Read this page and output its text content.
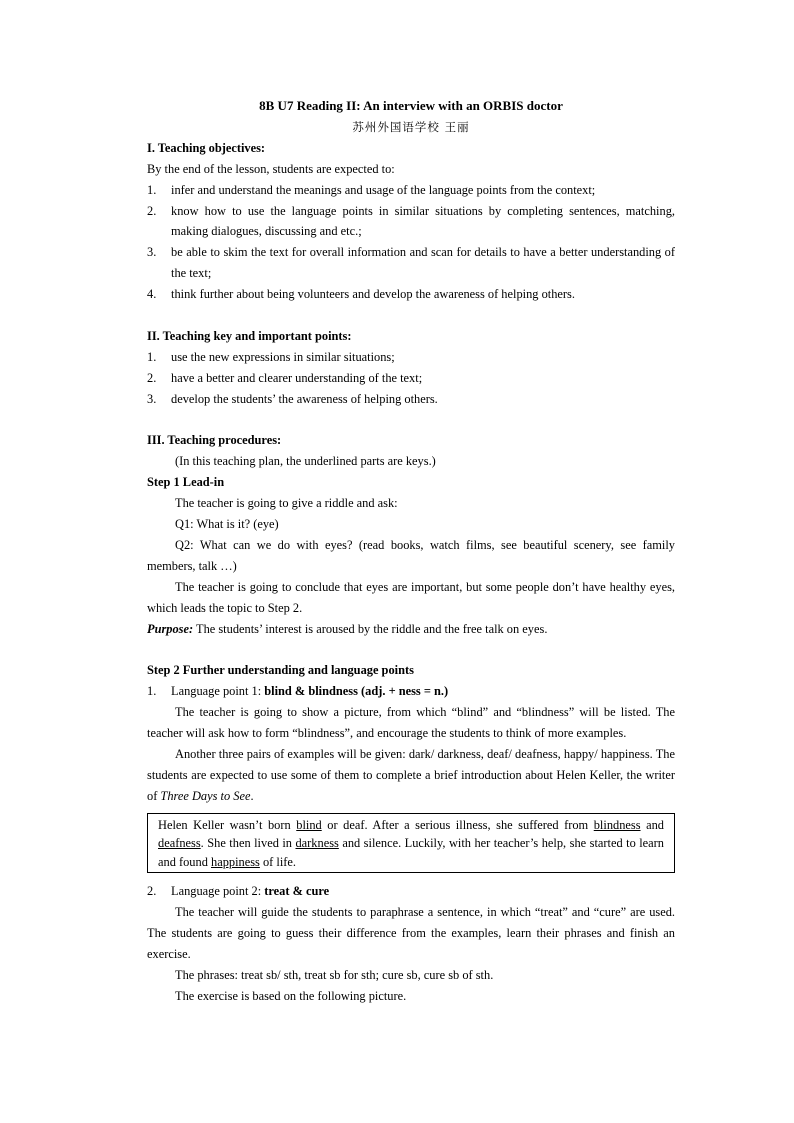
8B U7 Reading II: An interview with an ORBIS doctor
苏州外国语学校 王丽
I. Teaching objectives:
By the end of the lesson, students are expected to:
1. infer and understand the meanings and usage of the language points from the context;
2. know how to use the language points in similar situations by completing sentences, matching, making dialogues, discussing and etc.;
3. be able to skim the text for overall information and scan for details to have a better understanding of the text;
4. think further about being volunteers and develop the awareness of helping others.
II. Teaching key and important points:
1. use the new expressions in similar situations;
2. have a better and clearer understanding of the text;
3. develop the students’ the awareness of helping others.
III. Teaching procedures:
(In this teaching plan, the underlined parts are keys.)
Step 1 Lead-in
The teacher is going to give a riddle and ask:
Q1: What is it? (eye)
Q2: What can we do with eyes? (read books, watch films, see beautiful scenery, see family members, talk …)
The teacher is going to conclude that eyes are important, but some people don’t have healthy eyes, which leads the topic to Step 2.
Purpose: The students’ interest is aroused by the riddle and the free talk on eyes.
Step 2 Further understanding and language points
1. Language point 1: blind & blindness (adj. + ness = n.)
The teacher is going to show a picture, from which “blind” and “blindness” will be listed. The teacher will ask how to form “blindness”, and encourage the students to think of more examples.
Another three pairs of examples will be given: dark/ darkness, deaf/ deafness, happy/ happiness. The students are expected to use some of them to complete a brief introduction about Helen Keller, the writer of Three Days to See.
Helen Keller wasn’t born blind or deaf. After a serious illness, she suffered from blindness and deafness. She then lived in darkness and silence. Luckily, with her teacher’s help, she started to learn and found happiness of life.
2. Language point 2: treat & cure
The teacher will guide the students to paraphrase a sentence, in which “treat” and “cure” are used. The students are going to guess their difference from the examples, learn their phrases and finish an exercise.
The phrases: treat sb/ sth, treat sb for sth; cure sb, cure sb of sth.
The exercise is based on the following picture.
